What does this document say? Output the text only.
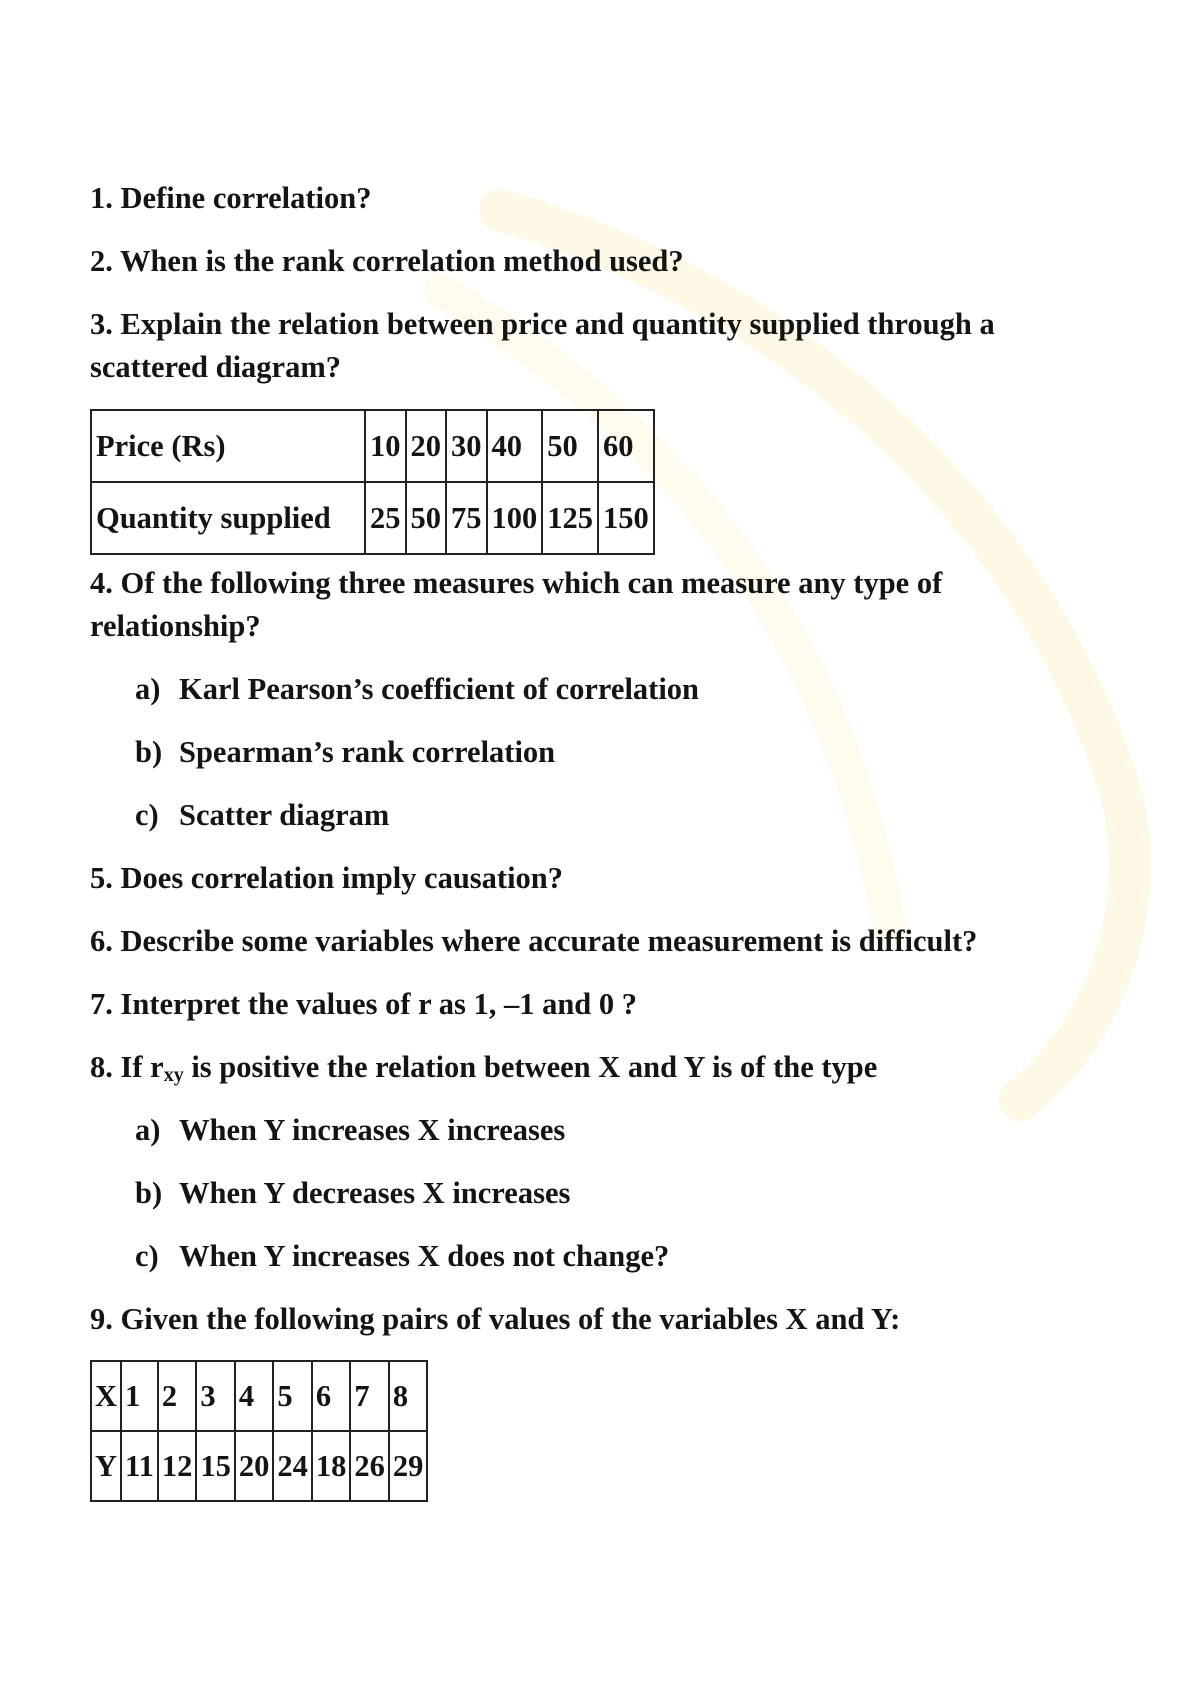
1. Define correlation?
2. When is the rank correlation method used?
3. Explain the relation between price and quantity supplied through a
scattered diagram?
Price (Rs)	10	20	30	40	50	60
Quantity supplied	25	50	75	100	125	150
4. Of the following three measures which can measure any type of
relationship?
a) Karl Pearson’s coefficient of correlation
b) Spearman’s rank correlation
c) Scatter diagram
5. Does correlation imply causation?
6. Describe some variables where accurate measurement is difficult?
7. Interpret the values of r as 1, –1 and 0 ?
8. If $r_{xy}$ is positive the relation between X and Y is of the type
a) When Y increases X increases
b) When Y decreases X increases
c) When Y increases X does not change?
9. Given the following pairs of values of the variables X and Y:
X	1	2	3	4	5	6	7	8
Y	11	12	15	20	24	18	26	29
